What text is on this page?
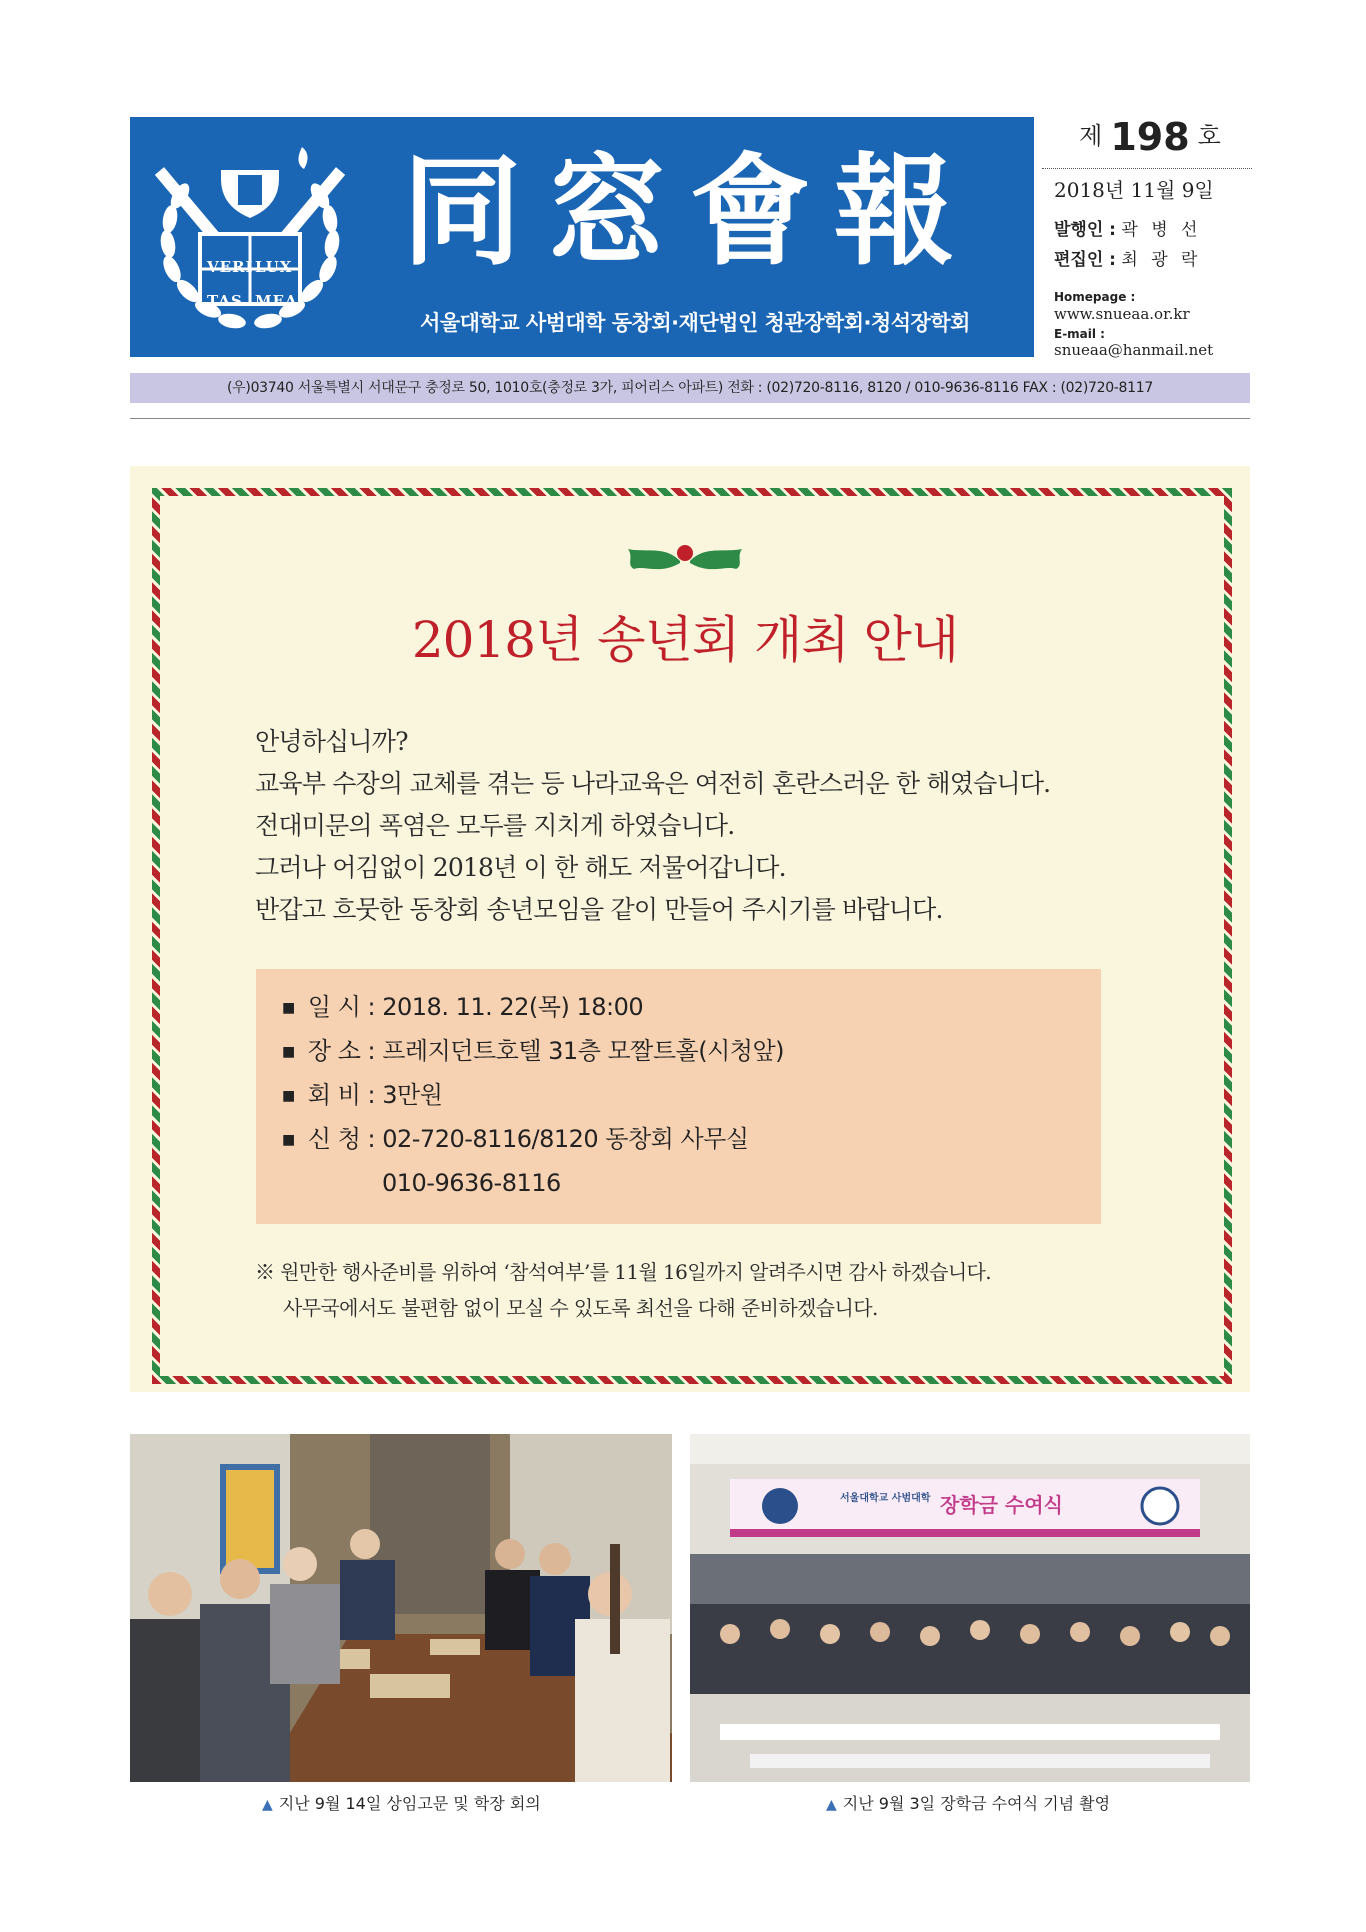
VERI LUX
TAS MEA
同窓會報
서울대학교 사범대학 동창회·재단법인 청관장학회·청석장학회
제 198 호
2018년 11월 9일
발행인 : 곽 병 선
편집인 : 최 광 락
Homepage :
www.snueaa.or.kr
E-mail :
snueaa@hanmail.net
(우)03740 서울특별시 서대문구 충정로 50, 1010호(충정로 3가, 피어리스 아파트) 전화 : (02)720-8116, 8120 / 010-9636-8116 FAX : (02)720-8117
2018년 송년회 개최 안내
안녕하십니까?
교육부 수장의 교체를 겪는 등 나라교육은 여전히 혼란스러운 한 해였습니다.
전대미문의 폭염은 모두를 지치게 하였습니다.
그러나 어김없이 2018년 이 한 해도 저물어갑니다.
반갑고 흐뭇한 동창회 송년모임을 같이 만들어 주시기를 바랍니다.
■ 일 시 : 2018. 11. 22(목) 18:00
■ 장 소 : 프레지던트호텔 31층 모짤트홀(시청앞)
■ 회 비 : 3만원
■ 신 청 : 02-720-8116/8120 동창회 사무실
010-9636-8116
※ 원만한 행사준비를 위하여 ‘참석여부’를 11월 16일까지 알려주시면 감사 하겠습니다.
사무국에서도 불편함 없이 모실 수 있도록 최선을 다해 준비하겠습니다.
▲ 지난 9월 14일 상임고문 및 학장 회의
서울대학교 사범대학 장학금 수여식
▲ 지난 9월 3일 장학금 수여식 기념 촬영
